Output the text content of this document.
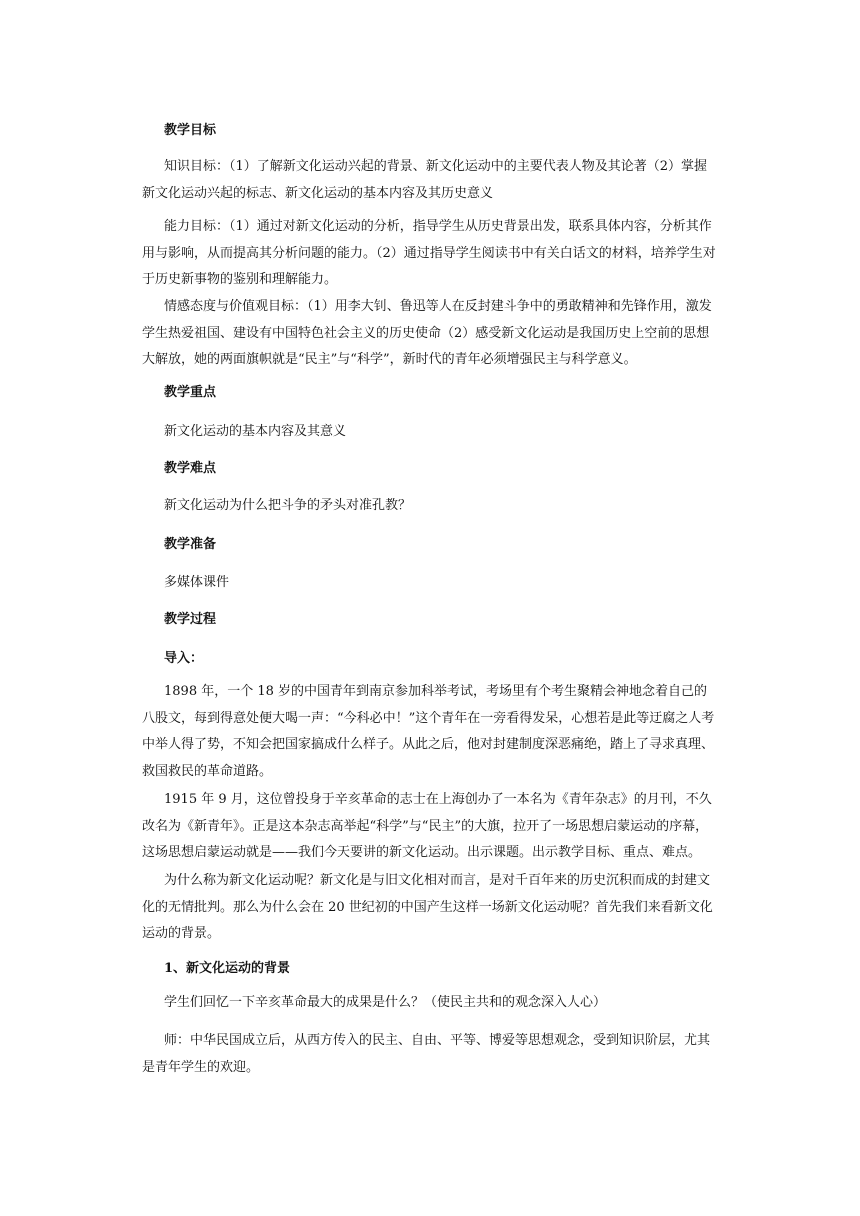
教学目标

知识目标：（1）了解新文化运动兴起的背景、新文化运动中的主要代表人物及其论著（2）掌握新文化运动兴起的标志、新文化运动的基本内容及其历史意义

能力目标：（1）通过对新文化运动的分析，指导学生从历史背景出发，联系具体内容，分析其作用与影响，从而提高其分析问题的能力。（2）通过指导学生阅读书中有关白话文的材料，培养学生对于历史新事物的鉴别和理解能力。

情感态度与价值观目标：（1）用李大钊、鲁迅等人在反封建斗争中的勇敢精神和先锋作用，激发学生热爱祖国、建设有中国特色社会主义的历史使命（2）感受新文化运动是我国历史上空前的思想大解放，她的两面旗帜就是“民主”与“科学”，新时代的青年必须增强民主与科学意义。

教学重点
新文化运动的基本内容及其意义
教学难点
新文化运动为什么把斗争的矛头对准孔教？
教学准备
多媒体课件
教学过程
导入：

1898 年，一个 18 岁的中国青年到南京参加科举考试，考场里有个考生聚精会神地念着自己的八股文，每到得意处便大喝一声：“今科必中！”这个青年在一旁看得发呆，心想若是此等迂腐之人考中举人得了势，不知会把国家搞成什么样子。从此之后，他对封建制度深恶痛绝，踏上了寻求真理、救国救民的革命道路。

1915 年 9 月，这位曾投身于辛亥革命的志士在上海创办了一本名为《青年杂志》的月刊，不久改名为《新青年》。正是这本杂志高举起“科学”与“民主”的大旗，拉开了一场思想启蒙运动的序幕，这场思想启蒙运动就是——我们今天要讲的新文化运动。出示课题。出示教学目标、重点、难点。

为什么称为新文化运动呢？新文化是与旧文化相对而言，是对千百年来的历史沉积而成的封建文化的无情批判。那么为什么会在 20 世纪初的中国产生这样一场新文化运动呢？首先我们来看新文化运动的背景。

1、新文化运动的背景

学生们回忆一下辛亥革命最大的成果是什么？（使民主共和的观念深入人心）

师：中华民国成立后，从西方传入的民主、自由、平等、博爱等思想观念，受到知识阶层，尤其是青年学生的欢迎。
